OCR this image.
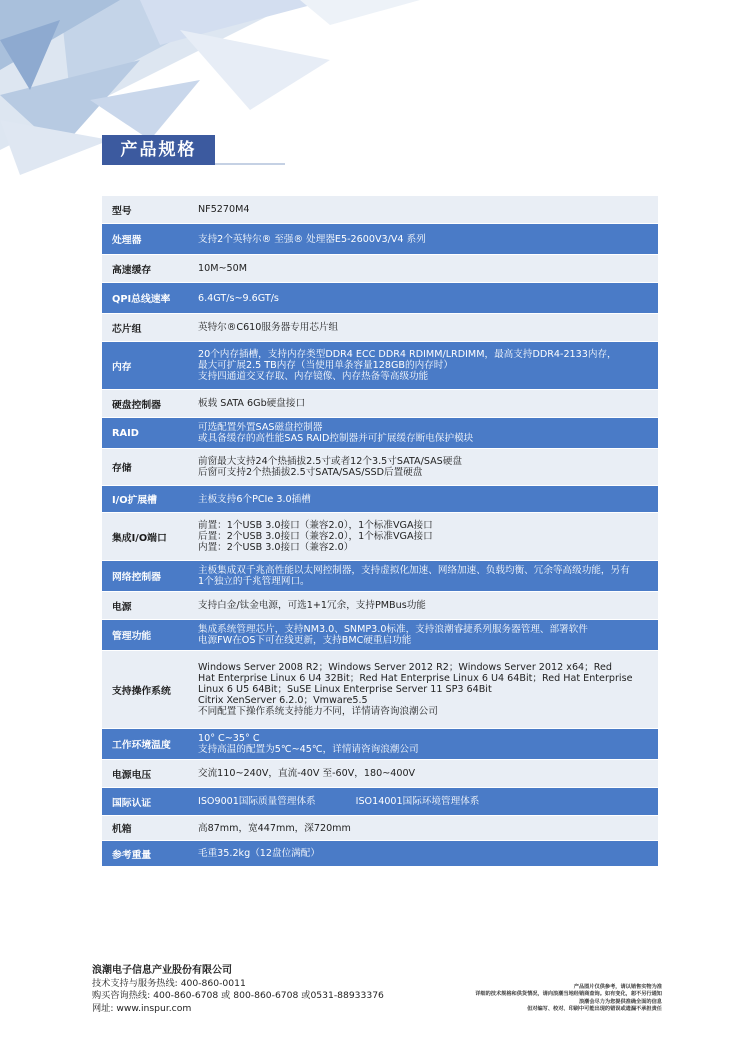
产品规格
型号	NF5270M4

处理器	支持2个英特尔® 至强® 处理器E5-2600V3/V4 系列

高速缓存	10M~50M

QPI总线速率	6.4GT/s~9.6GT/s

芯片组	英特尔®C610服务器专用芯片组

内存	20个内存插槽，支持内存类型DDR4 ECC DDR4 RDIMM/LRDIMM，最高支持DDR4-2133内存，
最大可扩展2.5 TB内存（当使用单条容量128GB的内存时）
支持四通道交叉存取、内存镜像、内存热备等高级功能

硬盘控制器	板载 SATA 6Gb硬盘接口

RAID	可选配置外置SAS磁盘控制器
或具备缓存的高性能SAS RAID控制器并可扩展缓存断电保护模块

存储	前窗最大支持24个热插拔2.5寸或者12个3.5寸SATA/SAS硬盘
后窗可支持2个热插拔2.5寸SATA/SAS/SSD后置硬盘

I/O扩展槽	主板支持6个PCIe 3.0插槽

集成I/O端口	前置：1个USB 3.0接口（兼容2.0），1个标准VGA接口
后置：2个USB 3.0接口（兼容2.0），1个标准VGA接口
内置：2个USB 3.0接口（兼容2.0）

网络控制器	主板集成双千兆高性能以太网控制器，支持虚拟化加速、网络加速、负载均衡、冗余等高级功能，另有
1个独立的千兆管理网口。

电源	支持白金/钛金电源，可选1+1冗余，支持PMBus功能

管理功能	集成系统管理芯片，支持NM3.0、SNMP3.0标准，支持浪潮睿捷系列服务器管理、部署软件
电源FW在OS下可在线更新，支持BMC硬重启功能

支持操作系统	Windows Server 2008 R2；Windows Server 2012 R2；Windows Server 2012 x64；Red
Hat Enterprise Linux 6 U4 32Bit；Red Hat Enterprise Linux 6 U4 64Bit；Red Hat Enterprise
Linux 6 U5 64Bit；SuSE Linux Enterprise Server 11 SP3 64Bit
Citrix XenServer 6.2.0；Vmware5.5
不同配置下操作系统支持能力不同，详情请咨询浪潮公司

工作环境温度	10° C~35° C
支持高温的配置为5℃~45℃，详情请咨询浪潮公司

电源电压	交流110~240V，直流-40V 至-60V，180~400V

国际认证	ISO9001国际质量管理体系 ISO14001国际环境管理体系

机箱	高87mm，宽447mm，深720mm

参考重量	毛重35.2kg（12盘位满配）
浪潮电子信息产业股份有限公司
技术支持与服务热线: 400-860-0011
购买咨询热线: 400-860-6708 或 800-860-6708 或0531-88933376
网址: www.inspur.com
产品图片仅供参考，请以销售实物为准
详细的技术规格和供货情况，请向浪潮当地经销商查询。如有变化，恕不另行通知
浪潮会尽力为您提供准确全面的信息
但对编写、校对、印刷中可能出现的错误或遗漏不承担责任
